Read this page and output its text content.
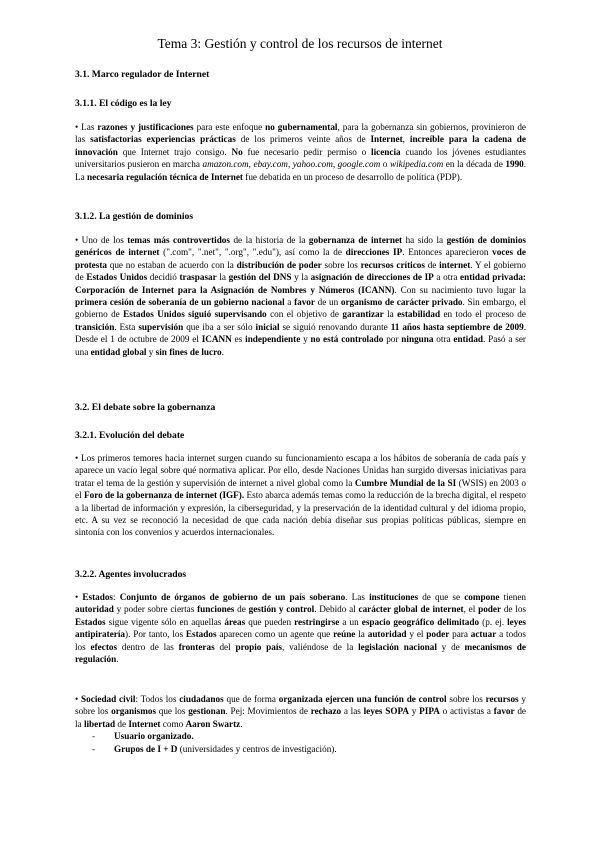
Tema 3: Gestión y control de los recursos de internet
3.1. Marco regulador de Internet
3.1.1. El código es la ley

• Las razones y justificaciones para este enfoque no gubernamental, para la gobernanza sin gobiernos, provinieron de las satisfactorias experiencias prácticas de los primeros veinte años de Internet, increíble para la cadena de innovación que Internet trajo consigo. No fue necesario pedir permiso o licencia cuando los jóvenes estudiantes universitarios pusieron en marcha amazon.com, ebay.com, yahoo.com, google.com o wikipedia.com en la década de 1990. La necesaria regulación técnica de Internet fue debatida en un proceso de desarrollo de política (PDP).

3.1.2. La gestión de dominios

• Uno de los temas más controvertidos de la historia de la gobernanza de internet ha sido la gestión de dominios genéricos de internet (".com", ".net", ".org", ".edu"), así como la de direcciones IP. Entonces aparecieron voces de protesta que no estaban de acuerdo con la distribución de poder sobre los recursos críticos de internet. Y el gobierno de Estados Unidos decidió traspasar la gestión del DNS y la asignación de direcciones de IP a otra entidad privada: Corporación de Internet para la Asignación de Nombres y Números (ICANN). Con su nacimiento tuvo lugar la primera cesión de soberanía de un gobierno nacional a favor de un organismo de carácter privado. Sin embargo, el gobierno de Estados Unidos siguió supervisando con el objetivo de garantizar la estabilidad en todo el proceso de transición. Esta supervisión que iba a ser sólo inicial se siguió renovando durante 11 años hasta septiembre de 2009. Desde el 1 de octubre de 2009 el ICANN es independiente y no está controlado por ninguna otra entidad. Pasó a ser una entidad global y sin fines de lucro.

3.2. El debate sobre la gobernanza
3.2.1. Evolución del debate

• Los primeros temores hacia internet surgen cuando su funcionamiento escapa a los hábitos de soberanía de cada país y aparece un vacío legal sobre qué normativa aplicar. Por ello, desde Naciones Unidas han surgido diversas iniciativas para tratar el tema de la gestión y supervisión de internet a nivel global como la Cumbre Mundial de la SI (WSIS) en 2003 o el Foro de la gobernanza de internet (IGF). Esto abarca además temas como la reducción de la brecha digital, el respeto a la libertad de información y expresión, la ciberseguridad, y la preservación de la identidad cultural y del idioma propio, etc. A su vez se reconoció la necesidad de que cada nación debía diseñar sus propias políticas públicas, siempre en sintonía con los convenios y acuerdos internacionales.

3.2.2. Agentes involucrados

• Estados: Conjunto de órganos de gobierno de un país soberano. Las instituciones de que se compone tienen autoridad y poder sobre ciertas funciones de gestión y control. Debido al carácter global de internet, el poder de los Estados sigue vigente sólo en aquellas áreas que pueden restringirse a un espacio geográfico delimitado (p. ej. leyes antipiratería). Por tanto, los Estados aparecen como un agente que reúne la autoridad y el poder para actuar a todos los efectos dentro de las fronteras del propio país, valiéndose de la legislación nacional y de mecanismos de regulación.

• Sociedad civil: Todos los ciudadanos que de forma organizada ejercen una función de control sobre los recursos y sobre los organismos que los gestionan. Pej: Movimientos de rechazo a las leyes SOPA y PIPA o activistas a favor de la libertad de Internet como Aaron Swartz.

- Usuario organizado.
- Grupos de I + D (universidades y centros de investigación).
